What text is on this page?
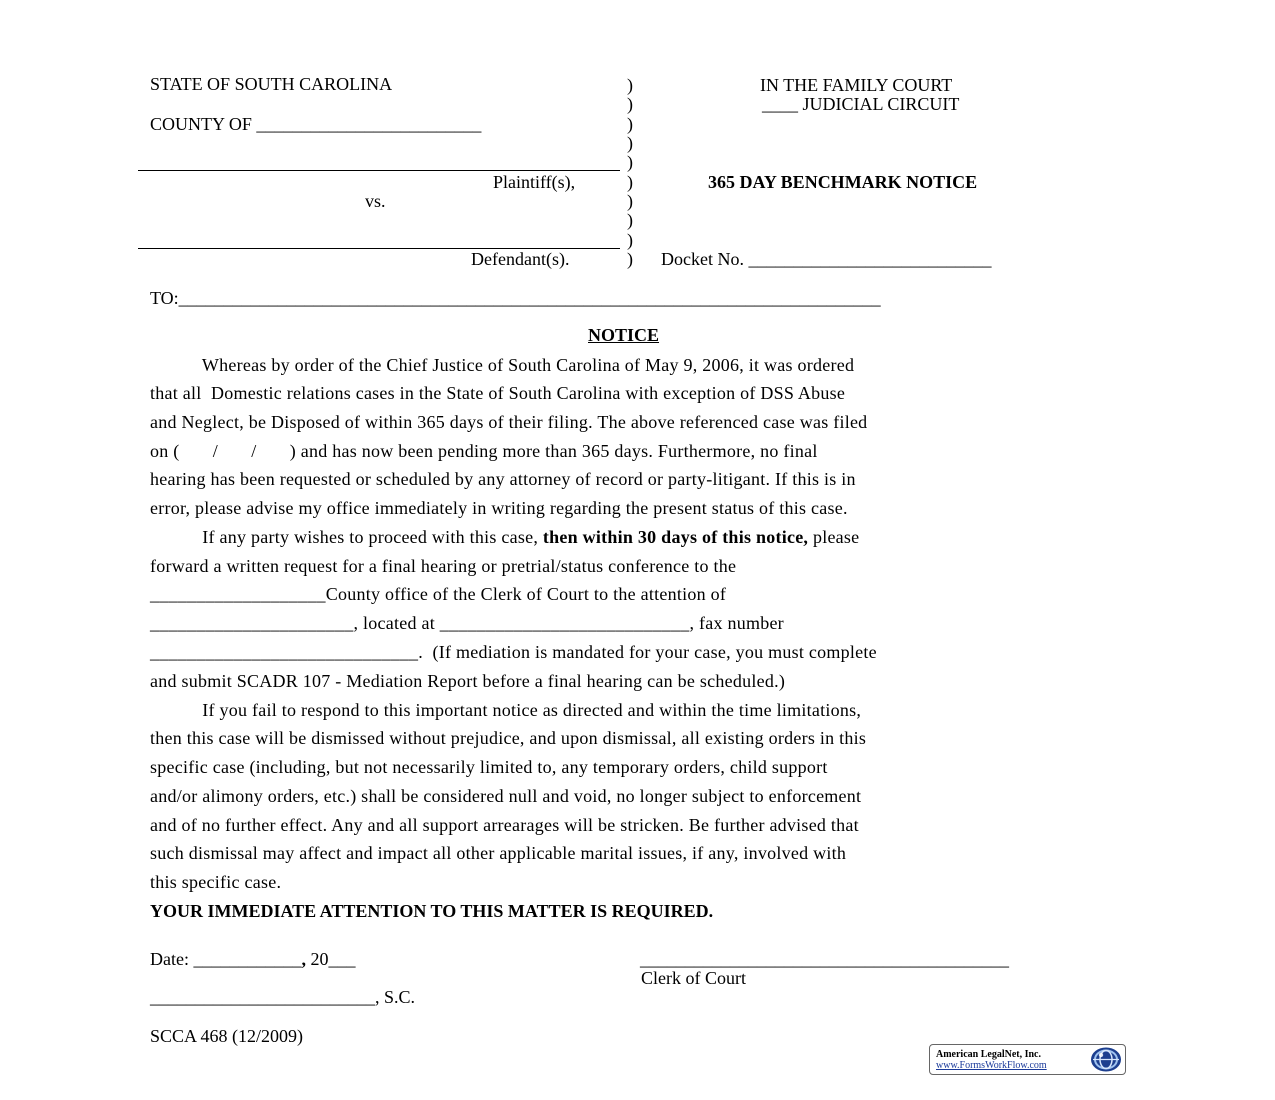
STATE OF SOUTH CAROLINA
COUNTY OF _________________________
Plaintiff(s),
vs.
Defendant(s).
)
)
)
)
)
)
)
)
)
)
IN THE FAMILY COURT
____ JUDICIAL CIRCUIT
365 DAY BENCHMARK NOTICE
Docket No. ___________________________
TO:______________________________________________________________________________
NOTICE
Whereas by order of the Chief Justice of South Carolina of May 9, 2006, it was ordered
that all  Domestic relations cases in the State of South Carolina with exception of DSS Abuse
and Neglect, be Disposed of within 365 days of their filing. The above referenced case was filed
on (       /       /       ) and has now been pending more than 365 days. Furthermore, no final
hearing has been requested or scheduled by any attorney of record or party-litigant. If this is in
error, please advise my office immediately in writing regarding the present status of this case.
If any party wishes to proceed with this case, then within 30 days of this notice, please
forward a written request for a final hearing or pretrial/status conference to the
___________________County office of the Clerk of Court to the attention of
______________________, located at ___________________________, fax number
_____________________________.  (If mediation is mandated for your case, you must complete
and submit SCADR 107 - Mediation Report before a final hearing can be scheduled.)
If you fail to respond to this important notice as directed and within the time limitations,
then this case will be dismissed without prejudice, and upon dismissal, all existing orders in this
specific case (including, but not necessarily limited to, any temporary orders, child support
and/or alimony orders, etc.) shall be considered null and void, no longer subject to enforcement
and of no further effect. Any and all support arrearages will be stricken. Be further advised that
such dismissal may affect and impact all other applicable marital issues, if any, involved with
this specific case.
YOUR IMMEDIATE ATTENTION TO THIS MATTER IS REQUIRED.
Date: ____________, 20___	_________________________________________
Clerk of Court
_________________________, S.C.
SCCA 468 (12/2009)
American LegalNet, Inc.
www.FormsWorkFlow.com
